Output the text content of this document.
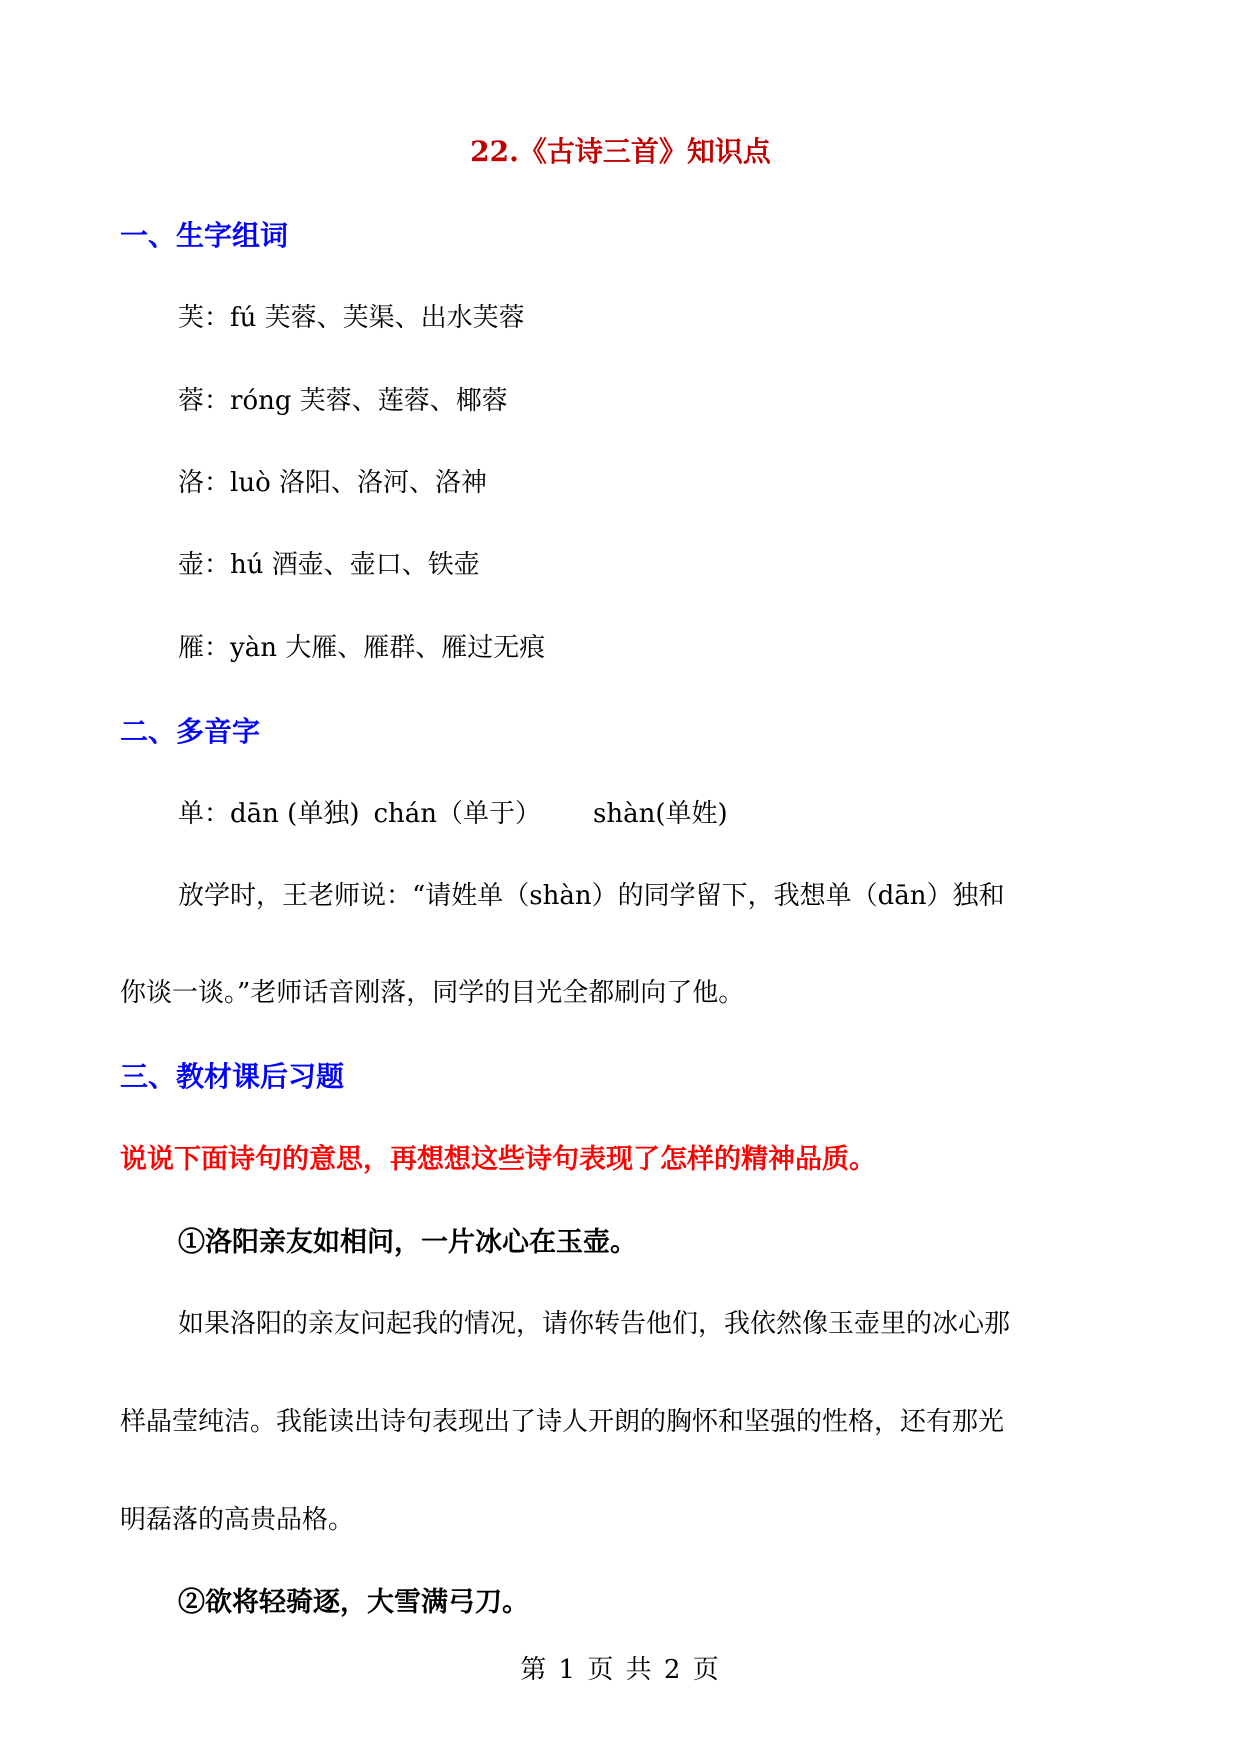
22.《古诗三首》知识点
一、生字组词
芙：fú 芙蓉、芙渠、出水芙蓉
蓉：róng 芙蓉、莲蓉、椰蓉
洛：luò 洛阳、洛河、洛神
壶：hú 酒壶、壶口、铁壶
雁：yàn 大雁、雁群、雁过无痕
二、多音字
单：dān (单独) chán（单于） shàn(单姓)
放学时，王老师说：“请姓单（shàn）的同学留下，我想单（dān）独和
你谈一谈。”老师话音刚落，同学的目光全都刷向了他。
三、教材课后习题
说说下面诗句的意思，再想想这些诗句表现了怎样的精神品质。
①洛阳亲友如相问，一片冰心在玉壶。
如果洛阳的亲友问起我的情况，请你转告他们，我依然像玉壶里的冰心那
样晶莹纯洁。我能读出诗句表现出了诗人开朗的胸怀和坚强的性格，还有那光
明磊落的高贵品格。
②欲将轻骑逐，大雪满弓刀。
第 1 页 共 2 页
